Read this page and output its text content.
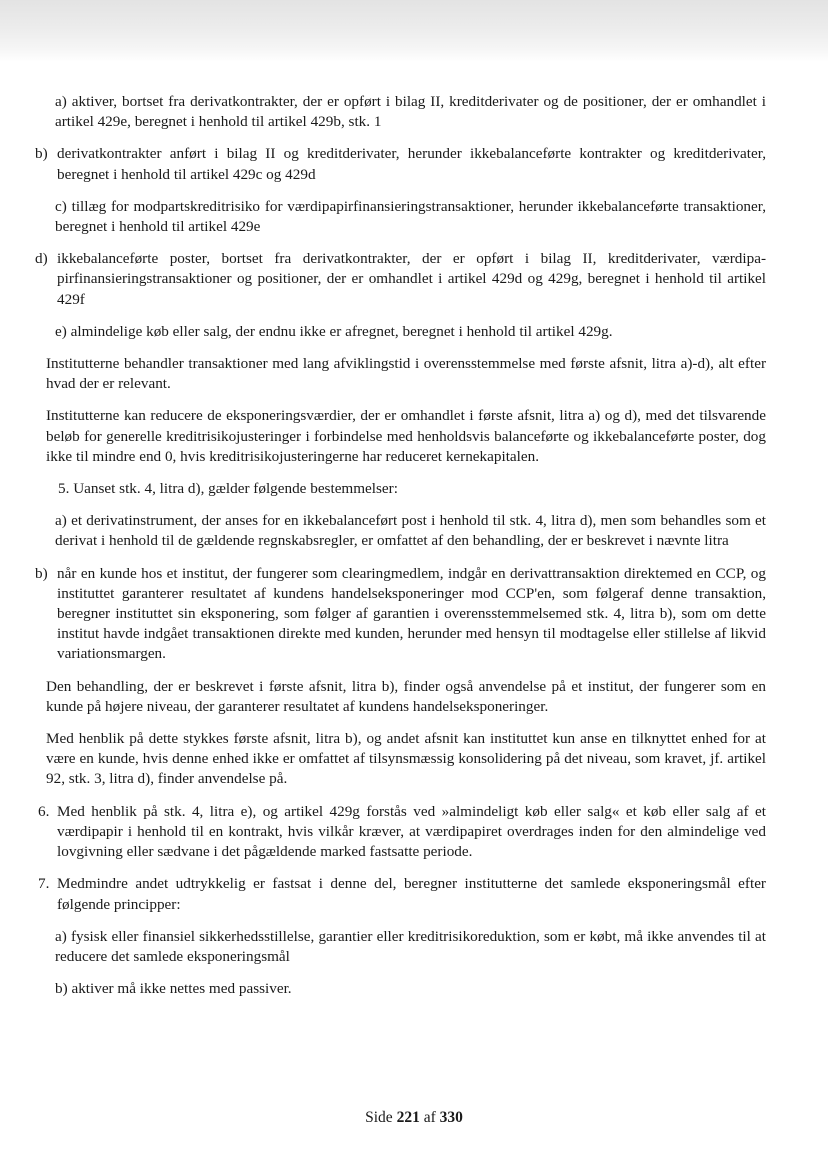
a) aktiver, bortset fra derivatkontrakter, der er opført i bilag II, kreditderivater og de positioner, der er omhandlet i artikel 429e, beregnet i henhold til artikel 429b, stk. 1

b) derivatkontrakter anført i bilag II og kreditderivater, herunder ikkebalanceførte kontrakter og kreditderivater, beregnet i henhold til artikel 429c og 429d

c) tillæg for modpartskreditrisiko for værdipapirfinansieringstransaktioner, herunder ikkebalanceførte transaktioner, beregnet i henhold til artikel 429e

d) ikkebalanceførte poster, bortset fra derivatkontrakter, der er opført i bilag II, kreditderivater, værdipapirfinansieringstransaktioner og positioner, der er omhandlet i artikel 429d og 429g, beregnet i henhold til artikel 429f

e) almindelige køb eller salg, der endnu ikke er afregnet, beregnet i henhold til artikel 429g.

Institutterne behandler transaktioner med lang afviklingstid i overensstemmelse med første afsnit, litra a)-d), alt efter hvad der er relevant.

Institutterne kan reducere de eksponeringsværdier, der er omhandlet i første afsnit, litra a) og d), med det tilsvarende beløb for generelle kreditrisikojusteringer i forbindelse med henholdsvis balanceførte og ikkebalanceførte poster, dog ikke til mindre end 0, hvis kreditrisikojusteringerne har reduceret kernekapitalen.

5. Uanset stk. 4, litra d), gælder følgende bestemmelser:

a) et derivatinstrument, der anses for en ikkebalanceført post i henhold til stk. 4, litra d), men som behandles som et derivat i henhold til de gældende regnskabsregler, er omfattet af den behandling, der er beskrevet i nævnte litra

b) når en kunde hos et institut, der fungerer som clearingmedlem, indgår en derivattransaktion direktemed en CCP, og instituttet garanterer resultatet af kundens handelseksponeringer mod CCP'en, som følgeraf denne transaktion, beregner instituttet sin eksponering, som følger af garantien i overensstemmelsemed stk. 4, litra b), som om dette institut havde indgået transaktionen direkte med kunden, herunder med hensyn til modtagelse eller stillelse af likvid variationsmargen.

Den behandling, der er beskrevet i første afsnit, litra b), finder også anvendelse på et institut, der fungerer som en kunde på højere niveau, der garanterer resultatet af kundens handelseksponeringer.

Med henblik på dette stykkes første afsnit, litra b), og andet afsnit kan instituttet kun anse en tilknyttet enhed for at være en kunde, hvis denne enhed ikke er omfattet af tilsynsmæssig konsolidering på det niveau, som kravet, jf. artikel 92, stk. 3, litra d), finder anvendelse på.

6. Med henblik på stk. 4, litra e), og artikel 429g forstås ved »almindeligt køb eller salg« et køb eller salg af et værdipapir i henhold til en kontrakt, hvis vilkår kræver, at værdipapiret overdrages inden for den almindelige ved lovgivning eller sædvane i det pågældende marked fastsatte periode.

7. Medmindre andet udtrykkelig er fastsat i denne del, beregner institutterne det samlede eksponeringsmål efter følgende principper:

a) fysisk eller finansiel sikkerhedsstillelse, garantier eller kreditrisikoreduktion, som er købt, må ikke anvendes til at reducere det samlede eksponeringsmål

b) aktiver må ikke nettes med passiver.

Side 221 af 330
